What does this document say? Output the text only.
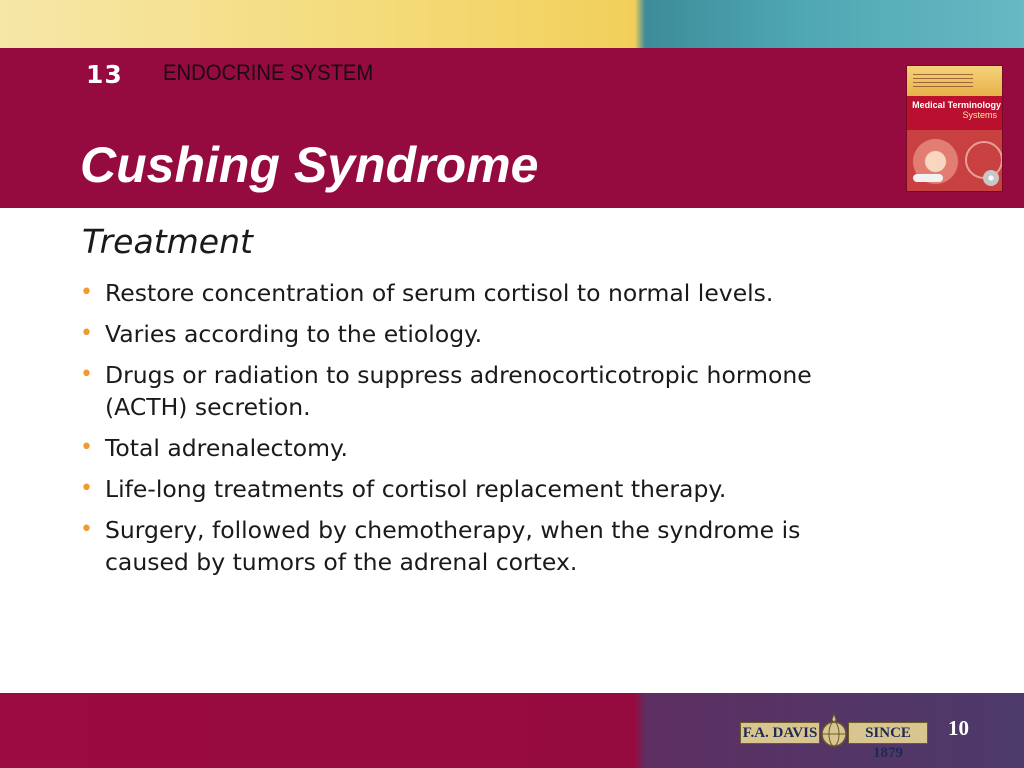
13 ENDOCRINE SYSTEM
Cushing Syndrome
Medical Terminology
Systems
Treatment
• Restore concentration of serum cortisol to normal levels.
• Varies according to the etiology.
• Drugs or radiation to suppress adrenocorticotropic hormone (ACTH) secretion.
• Total adrenalectomy.
• Life-long treatments of cortisol replacement therapy.
• Surgery, followed by chemotherapy, when the syndrome is caused by tumors of the adrenal cortex.
F.A. DAVIS	SINCE 1879
10
